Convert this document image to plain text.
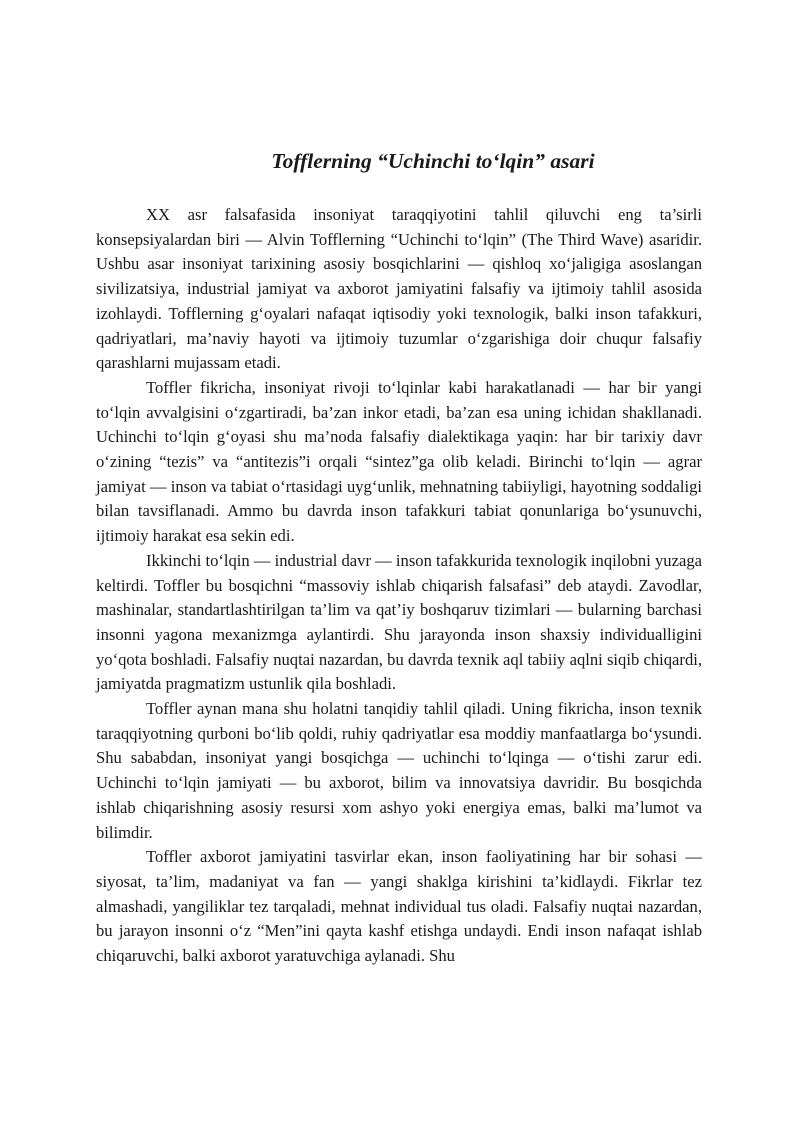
Tofflerning “Uchinchi to‘lqin” asari

XX asr falsafasida insoniyat taraqqiyotini tahlil qiluvchi eng ta’sirli konsepsiyalardan biri — Alvin Tofflerning “Uchinchi to‘lqin” (The Third Wave) asaridir. Ushbu asar insoniyat tarixining asosiy bosqichlarini — qishloq xo‘jaligiga asoslangan sivilizatsiya, industrial jamiyat va axborot jamiyatini falsafiy va ijtimoiy tahlil asosida izohlaydi. Tofflerning g‘oyalari nafaqat iqtisodiy yoki texnologik, balki inson tafakkuri, qadriyatlari, ma’naviy hayoti va ijtimoiy tuzumlar o‘zgarishiga doir chuqur falsafiy qarashlarni mujassam etadi.

Toffler fikricha, insoniyat rivoji to‘lqinlar kabi harakatlanadi — har bir yangi to‘lqin avvalgisini o‘zgartiradi, ba’zan inkor etadi, ba’zan esa uning ichidan shakllanadi. Uchinchi to‘lqin g‘oyasi shu ma’noda falsafiy dialektikaga yaqin: har bir tarixiy davr o‘zining “tezis” va “antitezis”i orqali “sintez”ga olib keladi. Birinchi to‘lqin — agrar jamiyat — inson va tabiat o‘rtasidagi uyg‘unlik, mehnatning tabiiyligi, hayotning soddaligi bilan tavsiflanadi. Ammo bu davrda inson tafakkuri tabiat qonunlariga bo‘ysunuvchi, ijtimoiy harakat esa sekin edi.

Ikkinchi to‘lqin — industrial davr — inson tafakkurida texnologik inqilobni yuzaga keltirdi. Toffler bu bosqichni “massoviy ishlab chiqarish falsafasi” deb ataydi. Zavodlar, mashinalar, standartlashtirilgan ta’lim va qat’iy boshqaruv tizimlari — bularning barchasi insonni yagona mexanizmga aylantirdi. Shu jarayonda inson shaxsiy individualligini yo‘qota boshladi. Falsafiy nuqtai nazardan, bu davrda texnik aql tabiiy aqlni siqib chiqardi, jamiyatda pragmatizm ustunlik qila boshladi.

Toffler aynan mana shu holatni tanqidiy tahlil qiladi. Uning fikricha, inson texnik taraqqiyotning qurboni bo‘lib qoldi, ruhiy qadriyatlar esa moddiy manfaatlarga bo‘ysundi. Shu sababdan, insoniyat yangi bosqichga — uchinchi to‘lqinga — o‘tishi zarur edi. Uchinchi to‘lqin jamiyati — bu axborot, bilim va innovatsiya davridir. Bu bosqichda ishlab chiqarishning asosiy resursi xom ashyo yoki energiya emas, balki ma’lumot va bilimdir.

Toffler axborot jamiyatini tasvirlar ekan, inson faoliyatining har bir sohasi — siyosat, ta’lim, madaniyat va fan — yangi shaklga kirishini ta’kidlaydi. Fikrlar tez almashadi, yangiliklar tez tarqaladi, mehnat individual tus oladi. Falsafiy nuqtai nazardan, bu jarayon insonni o‘z “Men”ini qayta kashf etishga undaydi. Endi inson nafaqat ishlab chiqaruvchi, balki axborot yaratuvchiga aylanadi. Shu
